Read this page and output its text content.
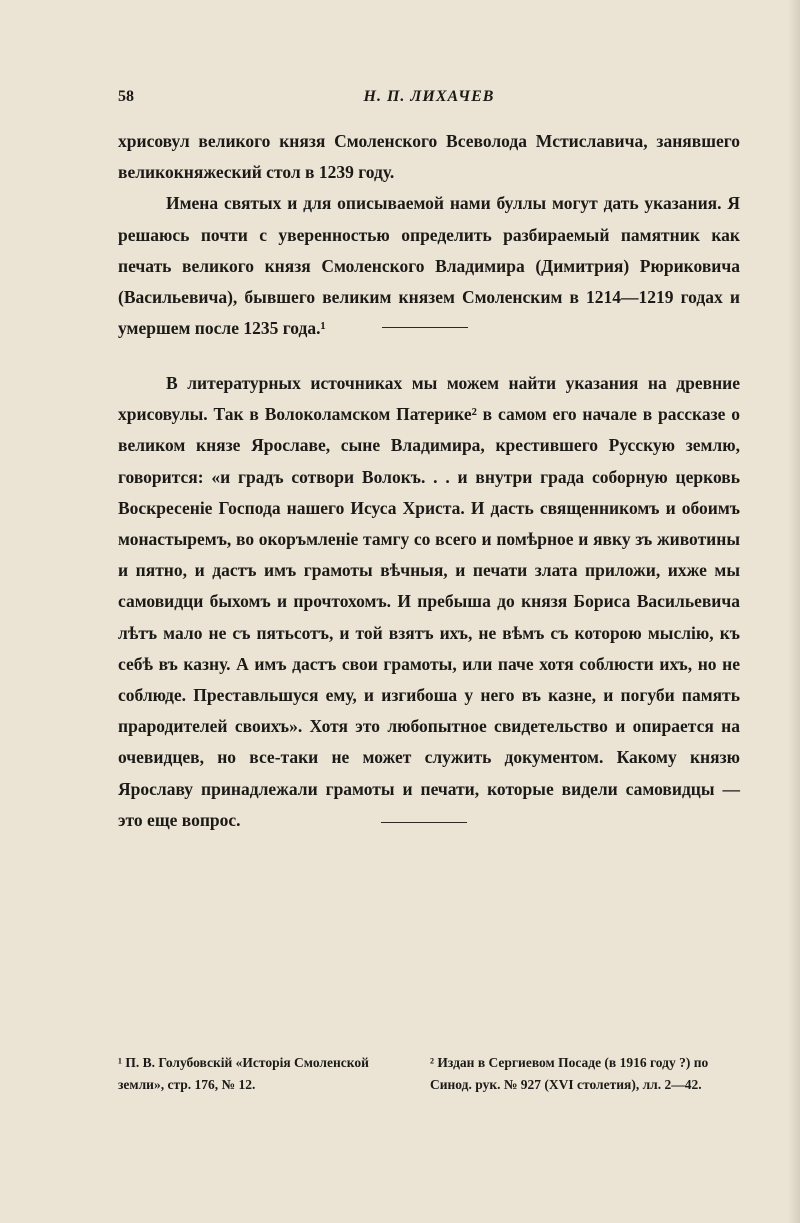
58	Н. П. ЛИХАЧЕВ

хрисовул великого князя Смоленского Всеволода Мстиславича, занявшего великокняжеский стол в 1239 году.

Имена святых и для описываемой нами буллы могут дать указания. Я решаюсь почти с уверенностью определить разбираемый памятник как печать великого князя Смоленского Владимира (Димитрия) Рюриковича (Васильевича), бывшего великим князем Смоленским в 1214—1219 годах и умершем после 1235 года.¹

В литературных источниках мы можем найти указания на древние хрисовулы. Так в Волоколамском Патерике² в самом его начале в рассказе о великом князе Ярославе, сыне Владимира, крестившего Русскую землю, говорится: «и градъ сотвори Волокъ. . . и внутри града соборную церковь Воскресеніе Господа нашего Исуса Христа. И дасть священникомъ и обоимъ монастыремъ, во окоръмленіе тамгу со всего и помѣрное и явку зъ животины и пятно, и дастъ имъ грамоты вѣчныя, и печати злата приложи, ихже мы самовидци быхомъ и прочтохомъ. И пребыша до князя Бориса Васильевича лѣтъ мало не съ пятьсотъ, и той взятъ ихъ, не вѣмъ съ которою мыслію, къ себѣ въ казну. А имъ дастъ свои грамоты, или паче хотя соблюсти ихъ, но не соблюде. Преставльшуся ему, и изгибоша у него въ казне, и погуби память прародителей своихъ». Хотя это любопытное свидетельство и опирается на очевидцев, но все-таки не может служить документом. Какому князю Ярославу принадлежали грамоты и печати, которые видели самовидцы — это еще вопрос.

¹ П. В. Голубовскій «Исторія Смоленской земли», стр. 176, № 12.
² Издан в Сергиевом Посаде (в 1916 году ?) по Синод. рук. № 927 (XVI столетия), лл. 2—42.
